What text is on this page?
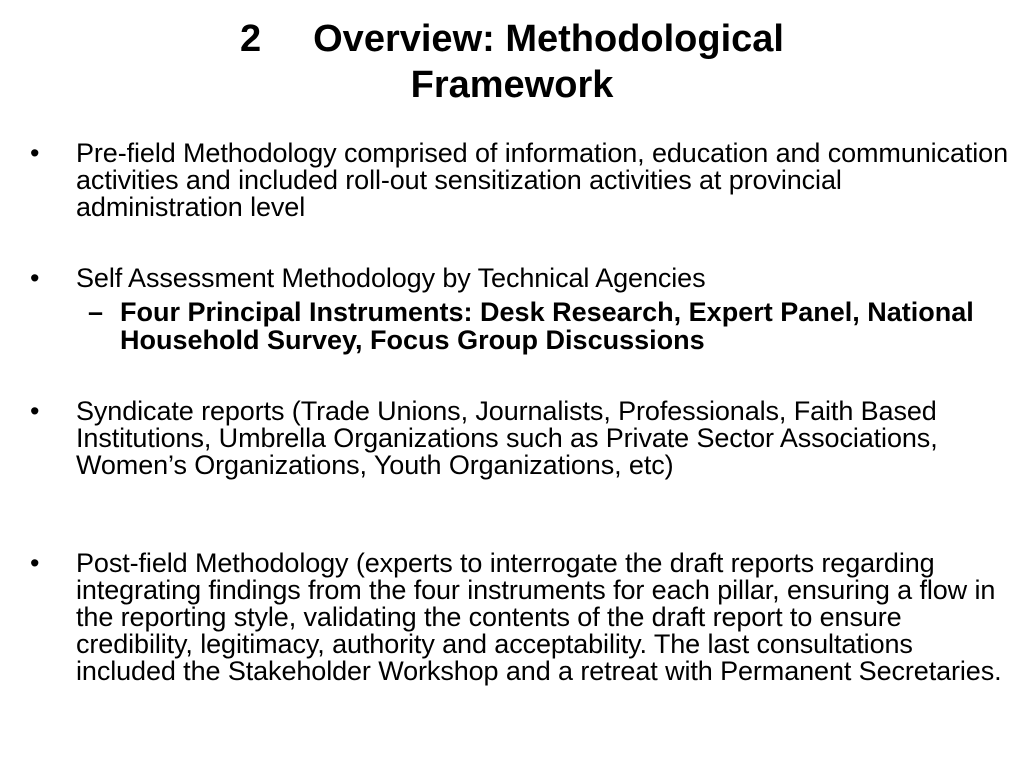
2 Overview: Methodological
Framework
•	Pre-field Methodology comprised of information, education and communication activities and included roll-out sensitization activities at provincial administration level
•	Self Assessment Methodology by Technical Agencies
– Four Principal Instruments: Desk Research, Expert Panel, National Household Survey, Focus Group Discussions
•	Syndicate reports (Trade Unions, Journalists, Professionals, Faith Based Institutions, Umbrella Organizations such as Private Sector Associations, Women’s Organizations, Youth Organizations, etc)
•	Post-field Methodology (experts to interrogate the draft reports regarding integrating findings from the four instruments for each pillar, ensuring a flow in the reporting style, validating the contents of the draft report to ensure credibility, legitimacy, authority and acceptability. The last consultations included the Stakeholder Workshop and a retreat with Permanent Secretaries.
